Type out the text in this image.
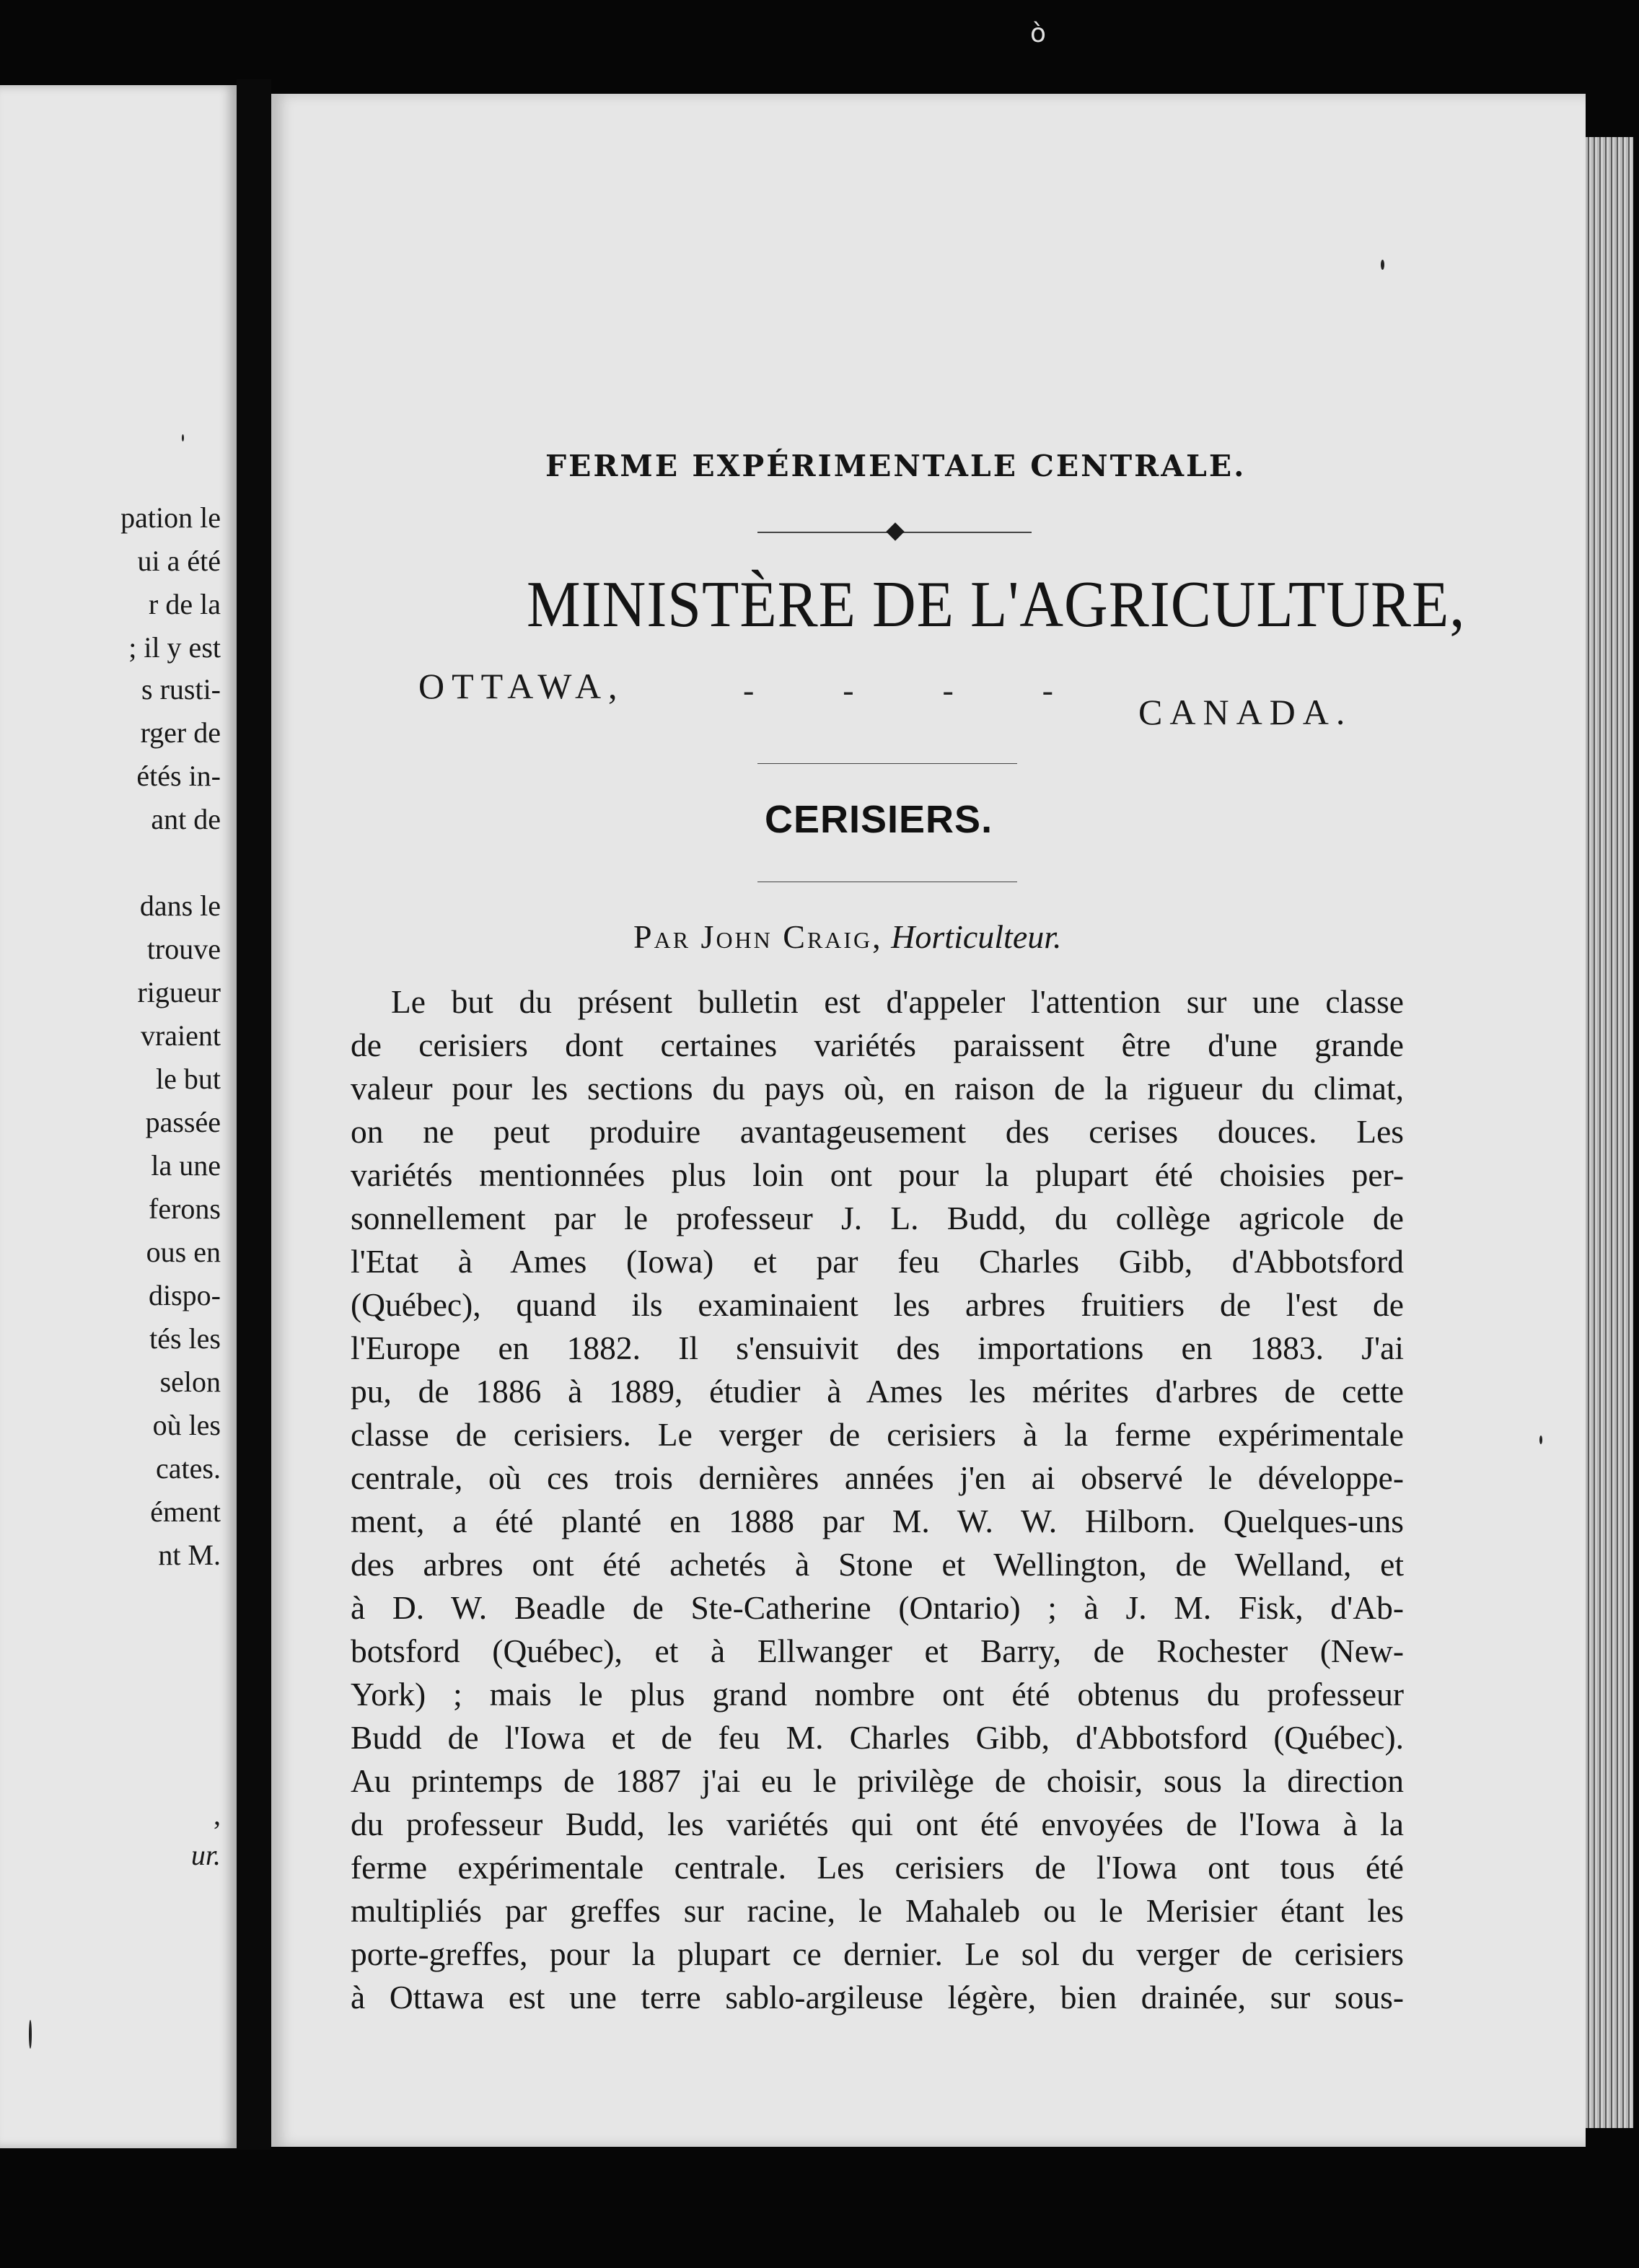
ò
pation le
ui a été
r de la
; il y est
s rusti-
rger de
étés in-
ant de
dans le
trouve
rigueur
vraient
le but
passée
la une
ferons
ous en
dispo-
tés les
selon
où les
cates.
ément
nt M.
,
ur.
FERME EXPÉRIMENTALE CENTRALE.
MINISTÈRE DE L'AGRICULTURE,
OTTAWA,	-	-	-	-
CANADA.
CERISIERS.
Par John Craig, Horticulteur.
Le but du présent bulletin est d'appeler l'attention sur une classe
de cerisiers dont certaines variétés paraissent être d'une grande
valeur pour les sections du pays où, en raison de la rigueur du climat,
on ne peut produire avantageusement des cerises douces. Les
variétés mentionnées plus loin ont pour la plupart été choisies per-
sonnellement par le professeur J. L. Budd, du collège agricole de
l'Etat à Ames (Iowa) et par feu Charles Gibb, d'Abbotsford
(Québec), quand ils examinaient les arbres fruitiers de l'est de
l'Europe en 1882. Il s'ensuivit des importations en 1883. J'ai
pu, de 1886 à 1889, étudier à Ames les mérites d'arbres de cette
classe de cerisiers. Le verger de cerisiers à la ferme expérimentale
centrale, où ces trois dernières années j'en ai observé le développe-
ment, a été planté en 1888 par M. W. W. Hilborn. Quelques-uns
des arbres ont été achetés à Stone et Wellington, de Welland, et
à D. W. Beadle de Ste-Catherine (Ontario) ; à J. M. Fisk, d'Ab-
botsford (Québec), et à Ellwanger et Barry, de Rochester (New-
York) ; mais le plus grand nombre ont été obtenus du professeur
Budd de l'Iowa et de feu M. Charles Gibb, d'Abbotsford (Québec).
Au printemps de 1887 j'ai eu le privilège de choisir, sous la direction
du professeur Budd, les variétés qui ont été envoyées de l'Iowa à la
ferme expérimentale centrale. Les cerisiers de l'Iowa ont tous été
multipliés par greffes sur racine, le Mahaleb ou le Merisier étant les
porte-greffes, pour la plupart ce dernier. Le sol du verger de cerisiers
à Ottawa est une terre sablo-argileuse légère, bien drainée, sur sous-
